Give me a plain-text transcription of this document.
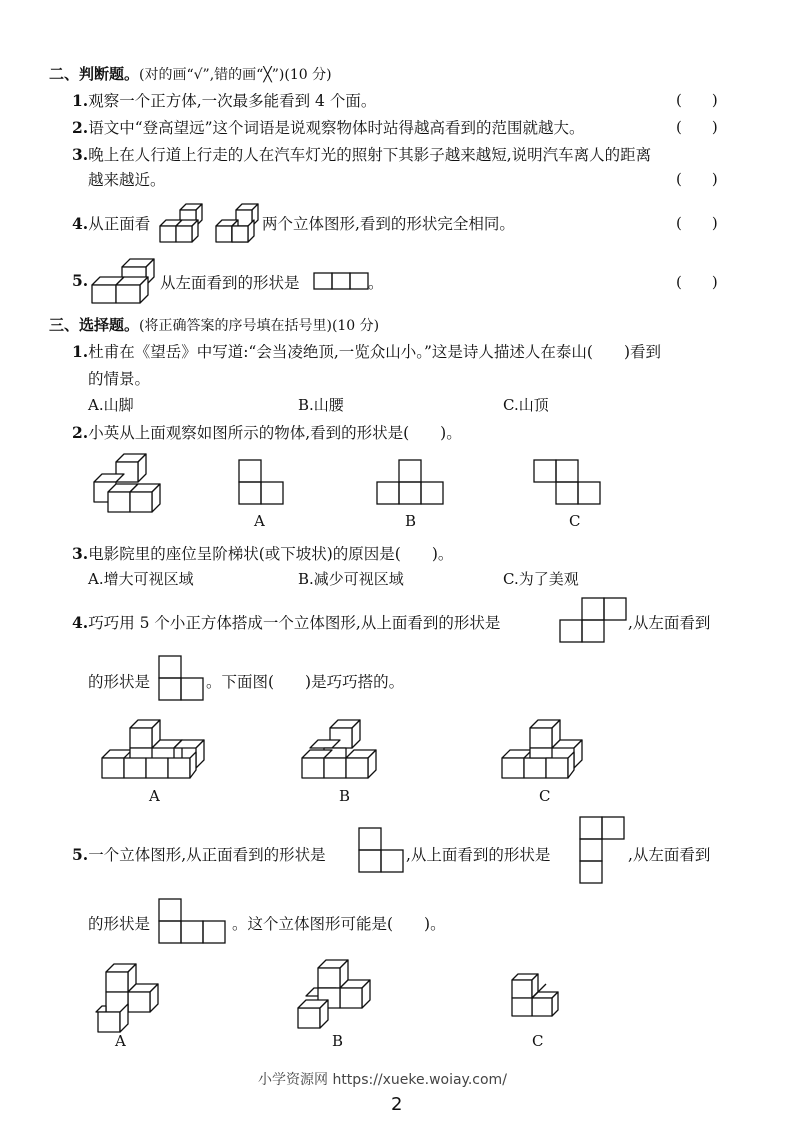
二、判断题。(对的画“√”,错的画“╳”)(10 分)
1.观察一个正方体,一次最多能看到 4 个面。	(　　)
2.语文中“登高望远”这个词语是说观察物体时站得越高看到的范围就越大。	(　　)
3.晚上在人行道上行走的人在汽车灯光的照射下其影子越来越短,说明汽车离人的距离
越来越近。	(　　)
4.从正面看	两个立体图形,看到的形状完全相同。	(　　)
5.	从左面看到的形状是	。	(　　)
三、选择题。(将正确答案的序号填在括号里)(10 分)
1.杜甫在《望岳》中写道:“会当凌绝顶,一览众山小。”这是诗人描述人在泰山(　　)看到
的情景。
A.山脚	B.山腰	C.山顶
2.小英从上面观察如图所示的物体,看到的形状是(　　)。
A	B	C
3.电影院里的座位呈阶梯状(或下坡状)的原因是(　　)。
A.增大可视区域	B.减少可视区域	C.为了美观
4.巧巧用 5 个小正方体搭成一个立体图形,从上面看到的形状是	,从左面看到
的形状是	。下面图(　　)是巧巧搭的。
A	B	C
5.一个立体图形,从正面看到的形状是	,从上面看到的形状是	,从左面看到
的形状是	。这个立体图形可能是(　　)。
A	B	C
小学资源网 https://xueke.woiay.com/
2
